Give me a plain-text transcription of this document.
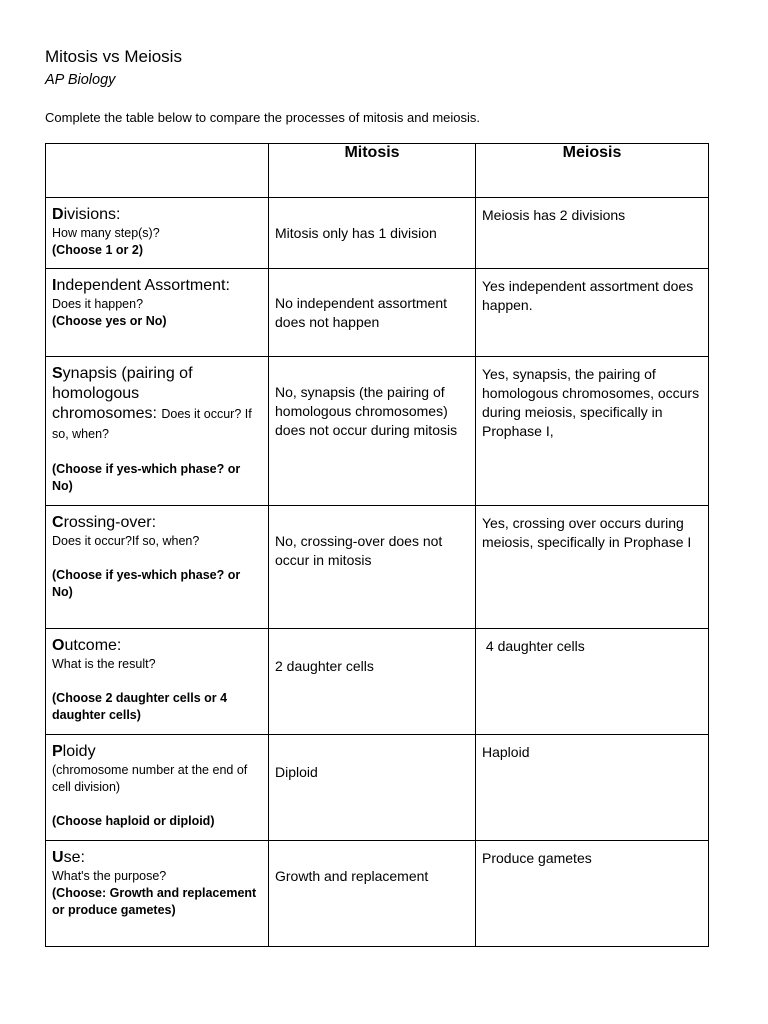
Mitosis vs Meiosis
AP Biology
Complete the table below to compare the processes of mitosis and meiosis.
	Mitosis	Meiosis

Divisions:
How many step(s)?
(Choose 1 or 2)	Mitosis only has 1 division	Meiosis has 2 divisions

Independent Assortment:
Does it happen?
(Choose yes or No)	No independent assortment does not happen	Yes independent assortment does happen.

Synapsis (pairing of homologous chromosomes: Does it occur? If so, when?
(Choose if yes-which phase? or No)	No, synapsis (the pairing of homologous chromosomes) does not occur during mitosis	Yes, synapsis, the pairing of homologous chromosomes, occurs during meiosis, specifically in Prophase I,

Crossing-over:
Does it occur?If so, when?
(Choose if yes-which phase? or No)	No, crossing-over does not occur in mitosis	Yes, crossing over occurs during meiosis, specifically in Prophase I

Outcome:
What is the result?
(Choose 2 daughter cells or 4 daughter cells)	2 daughter cells	4 daughter cells

Ploidy
(chromosome number at the end of cell division)
(Choose haploid or diploid)	Diploid	Haploid

Use:
What's the purpose?
(Choose: Growth and replacement or produce gametes)	Growth and replacement	Produce gametes
